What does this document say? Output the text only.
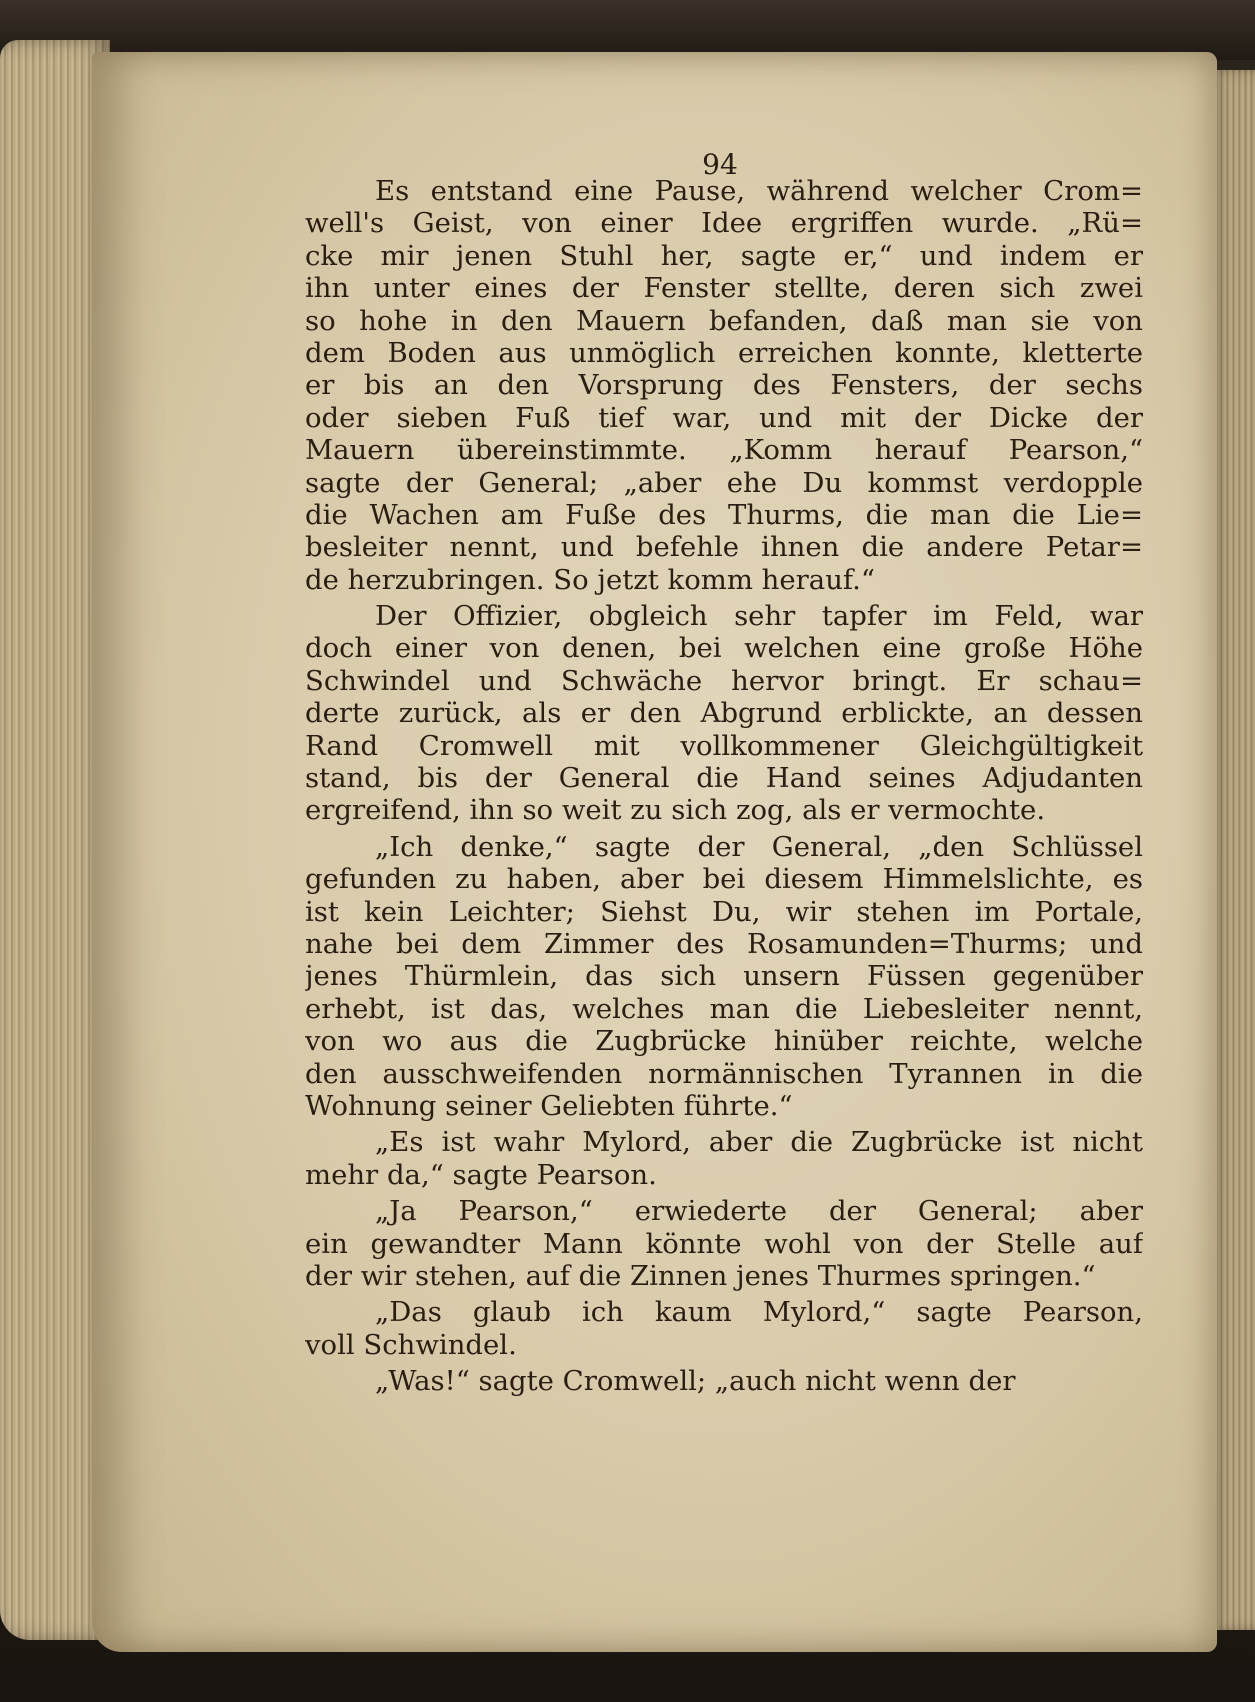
94
Es entstand eine Pause, während welcher Crom=
well's Geist, von einer Idee ergriffen wurde. „Rü=
cke mir jenen Stuhl her, sagte er,“ und indem er
ihn unter eines der Fenster stellte, deren sich zwei
so hohe in den Mauern befanden, daß man sie von
dem Boden aus unmöglich erreichen konnte, kletterte
er bis an den Vorsprung des Fensters, der sechs
oder sieben Fuß tief war, und mit der Dicke der
Mauern übereinstimmte. „Komm herauf Pearson,“
sagte der General; „aber ehe Du kommst verdopple
die Wachen am Fuße des Thurms, die man die Lie=
besleiter nennt, und befehle ihnen die andere Petar=
de herzubringen. So jetzt komm herauf.“
Der Offizier, obgleich sehr tapfer im Feld, war
doch einer von denen, bei welchen eine große Höhe
Schwindel und Schwäche hervor bringt. Er schau=
derte zurück, als er den Abgrund erblickte, an dessen
Rand Cromwell mit vollkommener Gleichgültigkeit
stand, bis der General die Hand seines Adjudanten
ergreifend, ihn so weit zu sich zog, als er vermochte.
„Ich denke,“ sagte der General, „den Schlüssel
gefunden zu haben, aber bei diesem Himmelslichte, es
ist kein Leichter; Siehst Du, wir stehen im Portale,
nahe bei dem Zimmer des Rosamunden=Thurms; und
jenes Thürmlein, das sich unsern Füssen gegenüber
erhebt, ist das, welches man die Liebesleiter nennt,
von wo aus die Zugbrücke hinüber reichte, welche
den ausschweifenden normännischen Tyrannen in die
Wohnung seiner Geliebten führte.“
„Es ist wahr Mylord, aber die Zugbrücke ist nicht
mehr da,“ sagte Pearson.
„Ja Pearson,“ erwiederte der General; aber
ein gewandter Mann könnte wohl von der Stelle auf
der wir stehen, auf die Zinnen jenes Thurmes springen.“
„Das glaub ich kaum Mylord,“ sagte Pearson,
voll Schwindel.
„Was!“ sagte Cromwell; „auch nicht wenn der
